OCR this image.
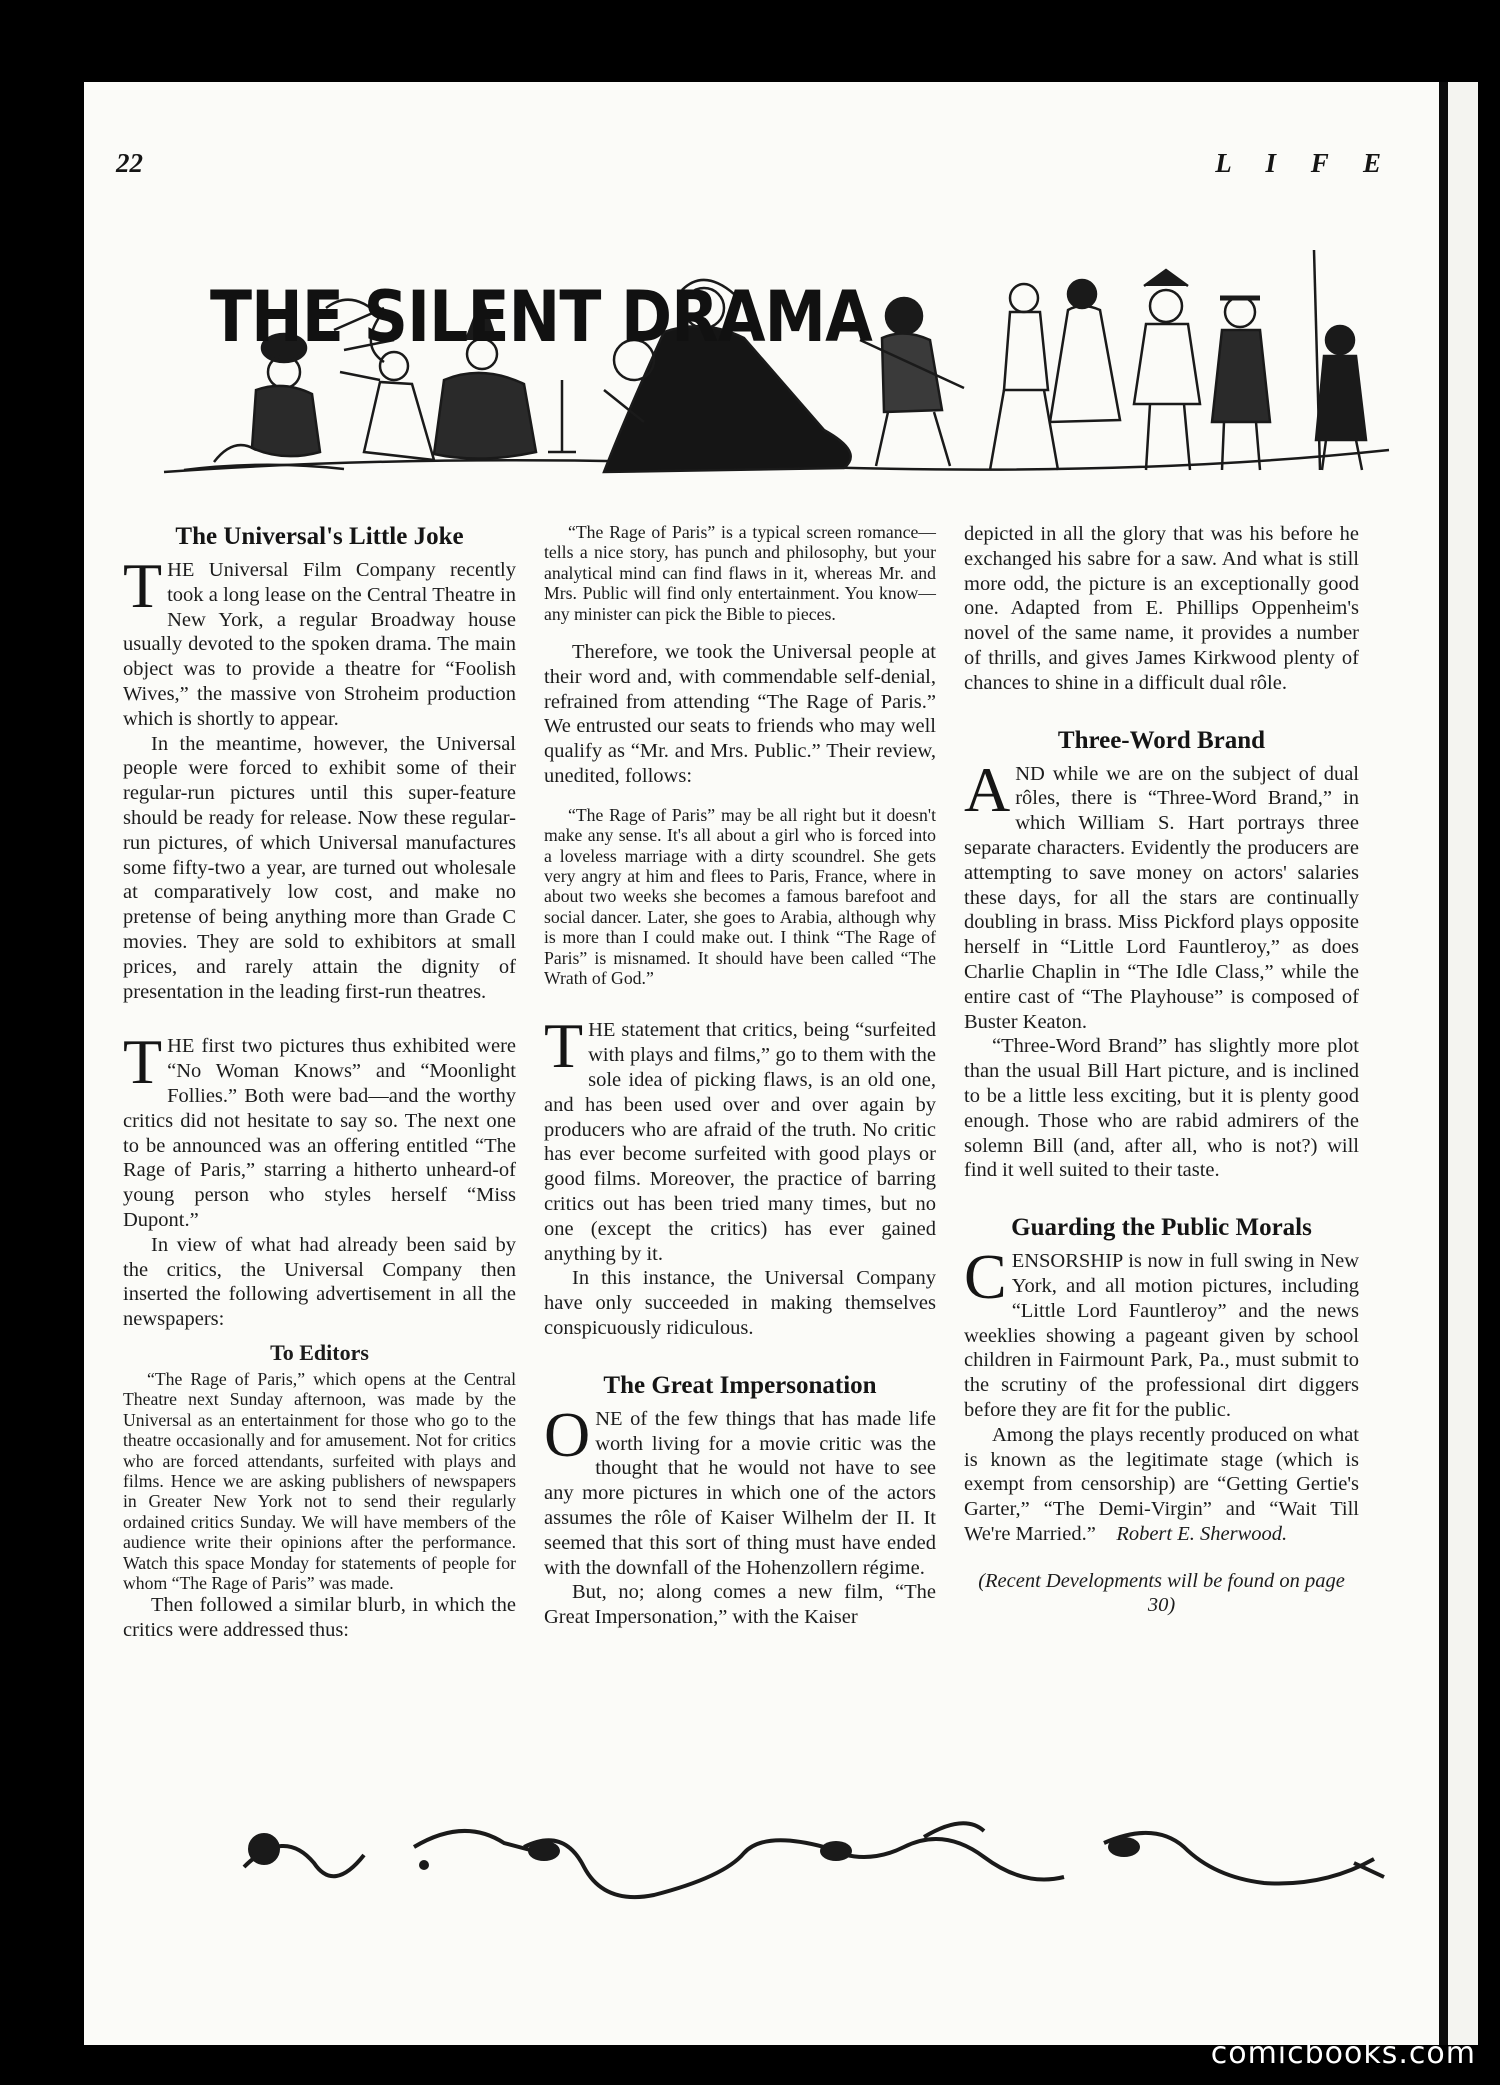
22	L I F E
THE SILENT DRAMA
The Universal's Little Joke

THE Universal Film Company recently took a long lease on the Central Theatre in New York, a regular Broadway house usually devoted to the spoken drama. The main object was to provide a theatre for “Foolish Wives,” the massive von Stroheim production which is shortly to appear.

In the meantime, however, the Universal people were forced to exhibit some of their regular-run pictures until this super-feature should be ready for release. Now these regular-run pictures, of which Universal manufactures some fifty-two a year, are turned out wholesale at comparatively low cost, and make no pretense of being anything more than Grade C movies. They are sold to exhibitors at small prices, and rarely attain the dignity of presentation in the leading first-run theatres.

THE first two pictures thus exhibited were “No Woman Knows” and “Moonlight Follies.” Both were bad—and the worthy critics did not hesitate to say so. The next one to be announced was an offering entitled “The Rage of Paris,” starring a hitherto unheard-of young person who styles herself “Miss Dupont.”

In view of what had already been said by the critics, the Universal Company then inserted the following advertisement in all the newspapers:

To Editors

“The Rage of Paris,” which opens at the Central Theatre next Sunday afternoon, was made by the Universal as an entertainment for those who go to the theatre occasionally and for amusement. Not for critics who are forced attendants, surfeited with plays and films. Hence we are asking publishers of newspapers in Greater New York not to send their regularly ordained critics Sunday. We will have members of the audience write their opinions after the performance. Watch this space Monday for statements of people for whom “The Rage of Paris” was made.

Then followed a similar blurb, in which the critics were addressed thus:

“The Rage of Paris” is a typical screen romance—tells a nice story, has punch and philosophy, but your analytical mind can find flaws in it, whereas Mr. and Mrs. Public will find only entertainment. You know—any minister can pick the Bible to pieces.

Therefore, we took the Universal people at their word and, with commendable self-denial, refrained from attending “The Rage of Paris.” We entrusted our seats to friends who may well qualify as “Mr. and Mrs. Public.” Their review, unedited, follows:

“The Rage of Paris” may be all right but it doesn't make any sense. It's all about a girl who is forced into a loveless marriage with a dirty scoundrel. She gets very angry at him and flees to Paris, France, where in about two weeks she becomes a famous barefoot and social dancer. Later, she goes to Arabia, although why is more than I could make out. I think “The Rage of Paris” is misnamed. It should have been called “The Wrath of God.”

THE statement that critics, being “surfeited with plays and films,” go to them with the sole idea of picking flaws, is an old one, and has been used over and over again by producers who are afraid of the truth. No critic has ever become surfeited with good plays or good films. Moreover, the practice of barring critics out has been tried many times, but no one (except the critics) has ever gained anything by it.

In this instance, the Universal Company have only succeeded in making themselves conspicuously ridiculous.

The Great Impersonation

ONE of the few things that has made life worth living for a movie critic was the thought that he would not have to see any more pictures in which one of the actors assumes the rôle of Kaiser Wilhelm der II. It seemed that this sort of thing must have ended with the downfall of the Hohenzollern régime.

But, no; along comes a new film, “The Great Impersonation,” with the Kaiser

depicted in all the glory that was his before he exchanged his sabre for a saw. And what is still more odd, the picture is an exceptionally good one. Adapted from E. Phillips Oppenheim's novel of the same name, it provides a number of thrills, and gives James Kirkwood plenty of chances to shine in a difficult dual rôle.

Three-Word Brand

AND while we are on the subject of dual rôles, there is “Three-Word Brand,” in which William S. Hart portrays three separate characters. Evidently the producers are attempting to save money on actors' salaries these days, for all the stars are continually doubling in brass. Miss Pickford plays opposite herself in “Little Lord Fauntleroy,” as does Charlie Chaplin in “The Idle Class,” while the entire cast of “The Playhouse” is composed of Buster Keaton.

“Three-Word Brand” has slightly more plot than the usual Bill Hart picture, and is inclined to be a little less exciting, but it is plenty good enough. Those who are rabid admirers of the solemn Bill (and, after all, who is not?) will find it well suited to their taste.

Guarding the Public Morals

CENSORSHIP is now in full swing in New York, and all motion pictures, including “Little Lord Fauntleroy” and the news weeklies showing a pageant given by school children in Fairmount Park, Pa., must submit to the scrutiny of the professional dirt diggers before they are fit for the public.

Among the plays recently produced on what is known as the legitimate stage (which is exempt from censorship) are “Getting Gertie's Garter,” “The Demi-Virgin” and “Wait Till We're Married.” Robert E. Sherwood.

(Recent Developments will be found on page 30)

comicbooks.com
